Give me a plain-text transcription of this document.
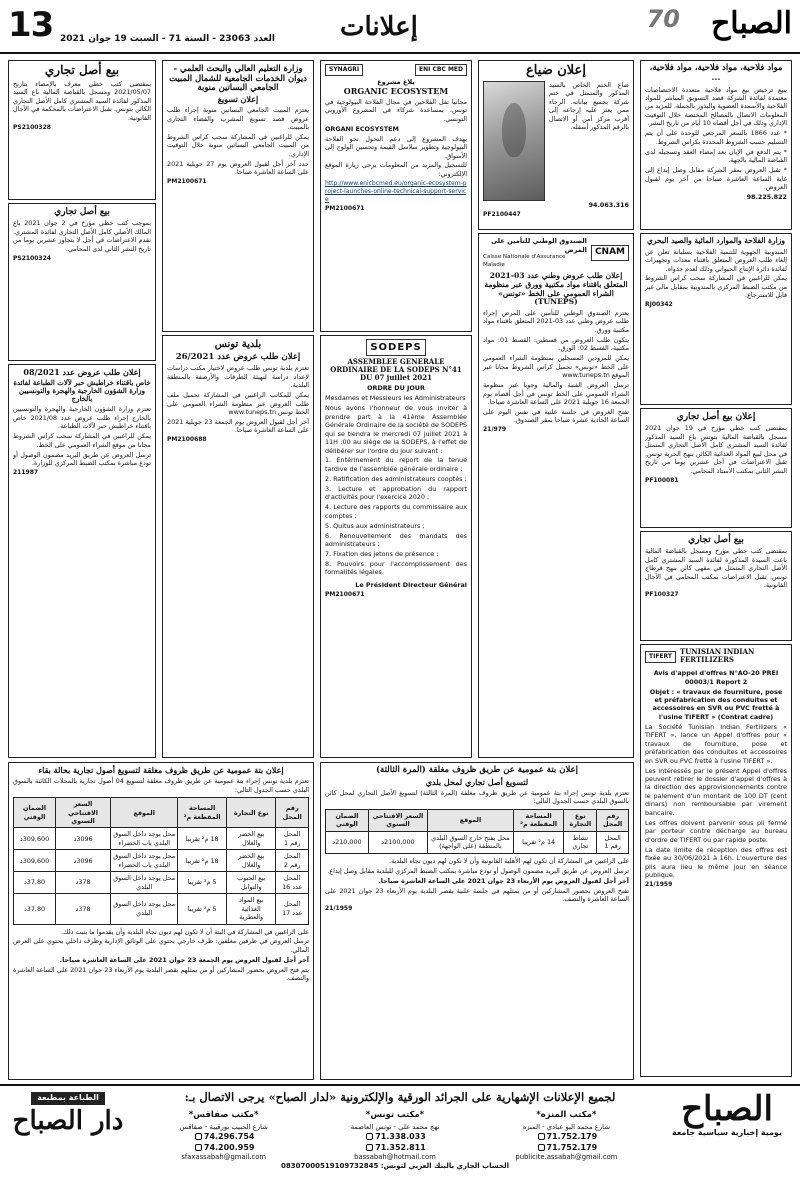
الصباح
70
إعلانات
13 العدد 23063 - السنة 71 - السبت 19 جوان 2021
مواد فلاحية، مواد فلاحية، مواد فلاحية، ...

يبيع ترخيص بيع مواد فلاحية متعددة الاختصاصات معتمدة لفائدة الشركة قصد التسويق المباشر للمواد الفلاحية والأسمدة العضوية والبذور بالجملة. للمزيد من المعلومات الاتصال بالمصالح المختصة خلال التوقيت الإداري وذلك في أجل أقصاه 10 أيام من تاريخ النشر.

* عدد 1866 بالسعر المرجعي للوحدة على أن يتم التسليم حسب الشروط المحددة بكراس الشروط.

* يتم الدفع في الإبان بعد إمضاء العقد وتسجيله لدى القباضة المالية بالجهة.

* تقبل العروض بمقر الشركة مقابل وصل إيداع إلى غاية الساعة العاشرة صباحا من آخر يوم لقبول العروض.

98.225.822

وزارة الفلاحة والموارد المائية والصيد البحري

المندوبية الجهوية للتنمية الفلاحية بسليانة تعلن عن إلغاء طلب العروض المتعلق باقتناء معدات وتجهيزات لفائدة دائرة الإنتاج الحيواني وذلك لعدم جدواه.

يمكن للراغبين في المشاركة سحب كراس الشروط من مكتب الضبط المركزي بالمندوبية بمقابل مالي غير قابل للاسترجاع.

RJ00342
إعلان بيع أصل تجاري

بمقتضى كتب خطي مؤرخ في 19 جوان 2021 مسجل بالقباضة المالية بتونس باع السيد المذكور لفائدة السيد المشتري كامل الأصل التجاري المتمثل في محل لبيع المواد الغذائية الكائن بنهج الحرية تونس. تقبل الاعتراضات في أجل عشرين يوما من تاريخ النشر الثاني بمكتب الأستاذ المحامي.

PF100081
بيع أصل تجاري

بمقتضى كتب خطي مؤرخ ومسجل بالقباضة المالية باعت السيدة المذكورة لفائدة السيد المشتري كامل الأصل التجاري المتمثل في مقهى كائن بنهج قرطاج تونس. تقبل الاعتراضات بمكتب المحامي في الآجال القانونية.

PF100327
TIFERT
TUNISIAN INDIAN FERTILIZERS

Avis d'appel d'offres N°AO-20 PREI 00003/1 Report 2

Objet : « travaux de fourniture, pose et préfabrication des conduites et accessoires en SVR ou PVC fretté à l'usine TIFERT » (Contrat cadre)

La Société Tunisian Indian Fertilizers « TIFERT », lance un Appel d'offres pour « travaux de fourniture, pose et préfabrication des conduites et accessoires en SVR ou PVC fretté à l'usine TIFERT ».

Les intéressés par le présent Appel d'offres peuvent retirer le dossier d'appel d'offres à la direction des approvisionnements contre le paiement d'un montant de 100 DT (cent dinars) non remboursable par virement bancaire.

Les offres doivent parvenir sous pli fermé par porteur contre décharge au bureau d'ordre de TIFERT ou par rapide poste.

La date limite de réception des offres est fixée au 30/06/2021 à 16h. L'ouverture des plis aura lieu le même jour en séance publique.

21/1959
إعلان ضياع

ضاع الختم الخاص بالسيد المذكور والمتمثل في ختم شركة بجميع بياناته. الرجاء ممن يعثر عليه إرجاعه إلى أقرب مركز أمن أو الاتصال بالرقم المذكور أسفله.

94.063.316

PF2100447
CNAM
الصندوق الوطني للتأمين على المرض
Caisse Nationale d'Assurance Maladie
إعلان طلب عروض وطني عدد 03-2021 المتعلق باقتناء مواد مكتبية وورق عبر منظومة الشراء العمومي على الخط «تونس» (TUNEPS)

يعتزم الصندوق الوطني للتأمين على المرض إجراء طلب عروض وطني عدد 03-2021 المتعلق باقتناء مواد مكتبية وورق.

يتكون طلب العروض من قسطين: القسط 01: مواد مكتبية، القسط 02: الورق.

يمكن للمزودين المسجلين بمنظومة الشراء العمومي على الخط «تونس» تحميل كراس الشروط مجانا عبر الموقع www.tuneps.tn

ترسل العروض الفنية والمالية وجوبا عبر منظومة الشراء العمومي على الخط تونس في أجل أقصاه يوم الجمعة 16 جويلية 2021 على الساعة العاشرة صباحا.

تفتح العروض في جلسة علنية في نفس اليوم على الساعة الحادية عشرة صباحا بمقر الصندوق.

21/979
ENI CBC MED
SYNAGRI
بلاغ مشروع
ORGANIC ECOSYSTEM

مجانيا تقل الفلاحين في مجال الفلاحة البيولوجية في تونس، بمساعدة شركاء في المشروع الأوروبي التونسي.

ORGANI ECOSYSTEM

يهدف المشروع إلى دعم التحول نحو الفلاحة البيولوجية وتطوير سلاسل القيمة وتحسين الولوج إلى الأسواق.

للتسجيل والمزيد من المعلومات يرجى زيارة الموقع الإلكتروني:

http://www.enicbcmed.eu/organic-ecosystem-project-launches-online-technical-support-service

PM2100671
SODEPS
ASSEMBLEE GENERALE ORDINAIRE DE LA SODEPS N°41 DU 07 juillet 2021

ORDRE DU JOUR

Mesdames et Messieurs les Administrateurs

Nous avons l'honneur de vous inviter à prendre part à la 41ème Assemblée Générale Ordinaire de la société de SODEPS qui se tiendra le mercredi 07 juillet 2021 à 11H :00 au siège de la SODEPS, à l'effet de délibérer sur l'ordre du jour suivant :

1. Entérinement du report de la tenue tardive de l'assemblée générale ordinaire ;

2. Ratification des administrateurs cooptés ;

3. Lecture et approbation du rapport d'activités pour l'exercice 2020 ;

4. Lecture des rapports du commissaire aux comptes ;

5. Quitus aux administrateurs ;

6. Renouvellement des mandats des administrateurs ;

7. Fixation des jetons de présence ;

8. Pouvoirs pour l'accomplissement des formalités légales.

Le Président Directeur Général

PM2100671
وزارة التعليم العالي والبحث العلمي - ديوان الخدمات الجامعية للشمال المبيت الجامعي البساتين منوبة
إعلان تسويغ

يعتزم المبيت الجامعي البساتين منوبة إجراء طلب عروض قصد تسويغ المشرب والفضاء التجاري بالمبيت.

يمكن للراغبين في المشاركة سحب كراس الشروط من المبيت الجامعي البساتين منوبة خلال التوقيت الإداري.

حدد آخر أجل لقبول العروض يوم 27 جويلية 2021 على الساعة العاشرة صباحا.

PM2100671
بلدية تونس
إعلان طلب عروض عدد 26/2021

تعتزم بلدية تونس طلب عروض لاختيار مكتب دراسات لإعداد دراسة لتهيئة الطرقات والأرصفة بالمنطقة البلدية.

يمكن للمكاتب الراغبين في المشاركة تحميل ملف طلب العروض عبر منظومة الشراء العمومي على الخط تونس www.tuneps.tn

آخر أجل لقبول العروض يوم الجمعة 23 جويلية 2021 على الساعة العاشرة صباحا.

PM2100688
بيع أصل تجاري

بمقتضى كتب خطي معرف بالإمضاء بتاريخ 2021/05/07 ومسجل بالقباضة المالية باع السيد المذكور لفائدة السيد المشتري كامل الأصل التجاري الكائن بتونس. تقبل الاعتراضات بالمحكمة في الآجال القانونية.

PS2100328
بيع أصل تجاري

بموجب كتب خطي مؤرخ في 2 جوان 2021 باع المالك الأصلي كامل الأصل التجاري لفائدة المشتري. تقدم الاعتراضات في أجل لا يتجاوز عشرين يوما من تاريخ النشر الثاني لدى المحامي.

PS2100324
إعلان طلب عروض عدد 08/2021
خاص باقتناء خراطيش حبر لآلات الطباعة لفائدة وزارة الشؤون الخارجية والهجرة والتونسيين بالخارج

تعتزم وزارة الشؤون الخارجية والهجرة والتونسيين بالخارج إجراء طلب عروض عدد 2021/08 خاص باقتناء خراطيش حبر لآلات الطباعة.

يمكن للراغبين في المشاركة سحب كراس الشروط مجانا من موقع الشراء العمومي على الخط.

ترسل العروض عن طريق البريد مضمون الوصول أو تودع مباشرة بمكتب الضبط المركزي للوزارة.

211987
إعلان بتة عمومية عن طريق ظروف مغلقة (المرة الثالثة)
لتسويغ أصل تجاري لمحل بلدي

تعتزم بلدية تونس إجراء بتة عمومية عن طريق ظروف مغلقة (المرة الثالثة) لتسويغ الأصل التجاري لمحل كائن بالسوق البلدي حسب الجدول التالي:

رقم المحل	نوع التجارة	المساحة المقطعة م²	الموقع	السعر الافتتاحي السنوي	الضمان الوقتي
المحل رقم 1	نشاط تجاري	14 م² تقريبا	محل يفتح خارج السوق البلدي بالمنطقة (على الواجهة)	2100,000د	210,000د

على الراغبين في المشاركة أن تكون لهم الأهلية القانونية وأن لا تكون لهم ديون تجاه البلدية.

ترسل العروض عن طريق البريد مضمون الوصول أو تودع مباشرة بمكتب الضبط المركزي للبلدية مقابل وصل إيداع.

آخر أجل لقبول العروض يوم الأربعاء 23 جوان 2021 على الساعة العاشرة صباحا.

تفتح العروض بحضور المشاركين أو من يمثلهم في جلسة علنية بقصر البلدية يوم الأربعاء 23 جوان 2021 على الساعة العاشرة والنصف.

21/1959
إعلان بتة عمومية عن طريق ظروف مغلقة لتسويغ أصول تجارية بحالة بقاء

تعتزم بلدية تونس إجراء بتة عمومية عن طريق ظروف مغلقة لتسويغ 04 أصول تجارية بالمحلات الكائنة بالسوق البلدي حسب الجدول التالي:

رقم المحل	نوع التجارة	المساحة المقطعة م²	الموقع	السعر الافتتاحي السنوي	الضمان الوقتي
المحل رقم 1	بيع الخضر والغلال	18 م² تقريبا	محل يوجد داخل السوق البلدي باب الخضراء	3096د	309,600د
المحل رقم 2	بيع الخضر والغلال	18 م² تقريبا	محل يوجد داخل السوق البلدي باب الخضراء	3096د	309,600د
المحل عدد 16	بيع الحبوب والتوابل	5 م² تقريبا	محل يوجد داخل السوق البلدي	378د	37,80د
المحل عدد 17	بيع المواد الغذائية والعطرية	5 م² تقريبا	محل يوجد داخل السوق البلدي	378د	37,80د

على الراغبين في المشاركة في البتة أن لا تكون لهم ديون تجاه البلدية وأن يقدموا ما يثبت ذلك.

ترسل العروض في ظرفين مغلقين: ظرف خارجي يحتوي على الوثائق الإدارية وظرف داخلي يحتوي على العرض المالي.

آخر أجل لقبول العروض يوم الجمعة 23 جوان 2021 على الساعة العاشرة صباحا.

يتم فتح العروض بحضور المشاركين أو من يمثلهم بقصر البلدية يوم الأربعاء 23 جوان 2021 على الساعة العاشرة والنصف.

الصباح
يومية إخبارية سياسية جامعة
لجميع الإعلانات الإشهارية على الجرائد الورقية والإلكترونية «لدار الصباح» يرجى الاتصال بـ:
*مكتب المنزه*
شارع محمد البو عبادي - المنزه
71.752.179
71.752.179
publicite.assabah@gmail.com
*مكتب تونس*
نهج محمد علي - تونس العاصمة
71.338.033
71.352.811
bassabah@hotmail.com
*مكتب صفاقس*
شارع الحبيب بورقيبة - صفاقس
74.296.754
74.200.959
sfaxassabah@gmail.com
الحساب الجاري بالبنك العربي لتونس: 08307000519109732845
الطباعة بمطبعة
دار الصباح
